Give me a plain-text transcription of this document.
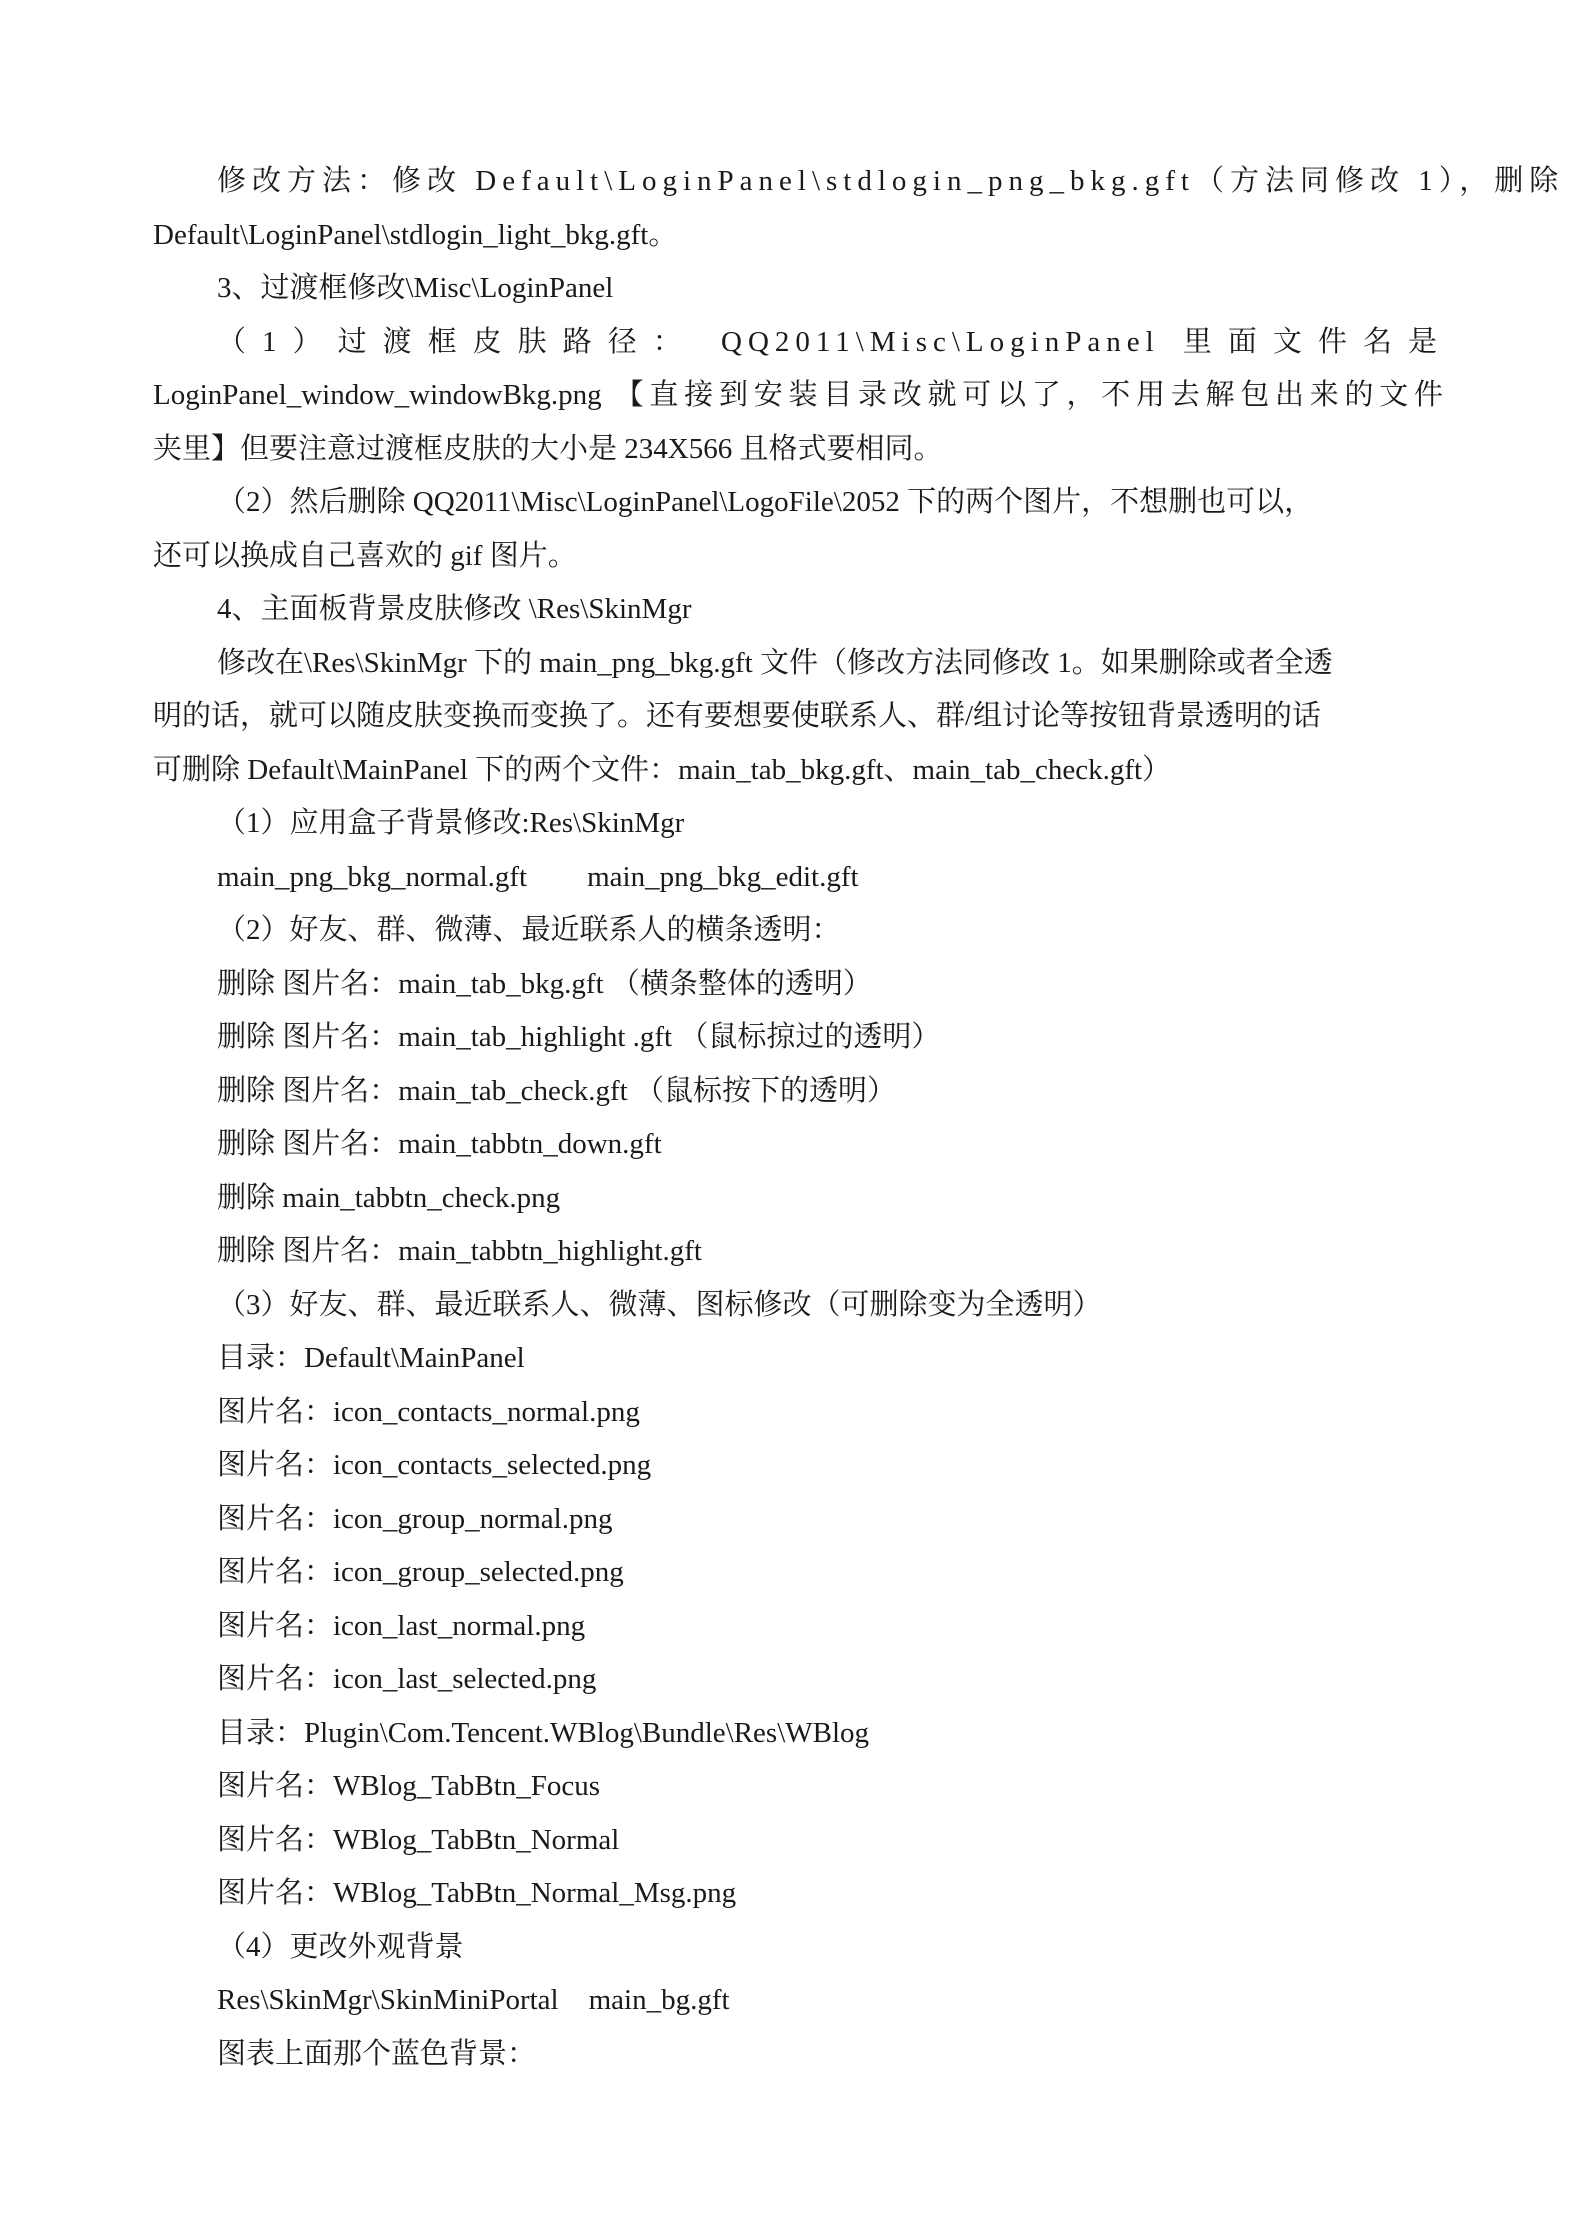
修改方法：修改 Default\LoginPanel\stdlogin_png_bkg.gft（方法同修改 1），删除
Default\LoginPanel\stdlogin_light_bkg.gft。
3、过渡框修改\Misc\LoginPanel
（1）过渡框皮肤路径： QQ2011\Misc\LoginPanel 里面文件名是
LoginPanel_window_windowBkg.png 【直接到安装目录改就可以了，不用去解包出来的文件
夹里】但要注意过渡框皮肤的大小是 234X566 且格式要相同。
（2）然后删除 QQ2011\Misc\LoginPanel\LogoFile\2052 下的两个图片，不想删也可以，
还可以换成自己喜欢的 gif 图片。
4、主面板背景皮肤修改 \Res\SkinMgr
修改在\Res\SkinMgr 下的 main_png_bkg.gft 文件（修改方法同修改 1。如果删除或者全透
明的话，就可以随皮肤变换而变换了。还有要想要使联系人、群/组讨论等按钮背景透明的话
可删除 Default\MainPanel 下的两个文件：main_tab_bkg.gft、main_tab_check.gft）
（1）应用盒子背景修改:Res\SkinMgr
main_png_bkg_normal.gft main_png_bkg_edit.gft
（2）好友、群、微薄、最近联系人的横条透明：
删除 图片名：main_tab_bkg.gft （横条整体的透明）
删除 图片名：main_tab_highlight .gft （鼠标掠过的透明）
删除 图片名：main_tab_check.gft （鼠标按下的透明）
删除 图片名：main_tabbtn_down.gft
删除 main_tabbtn_check.png
删除 图片名：main_tabbtn_highlight.gft
（3）好友、群、最近联系人、微薄、图标修改（可删除变为全透明）
目录：Default\MainPanel
图片名：icon_contacts_normal.png
图片名：icon_contacts_selected.png
图片名：icon_group_normal.png
图片名：icon_group_selected.png
图片名：icon_last_normal.png
图片名：icon_last_selected.png
目录：Plugin\Com.Tencent.WBlog\Bundle\Res\WBlog
图片名：WBlog_TabBtn_Focus
图片名：WBlog_TabBtn_Normal
图片名：WBlog_TabBtn_Normal_Msg.png
（4）更改外观背景
Res\SkinMgr\SkinMiniPortal main_bg.gft
图表上面那个蓝色背景：
